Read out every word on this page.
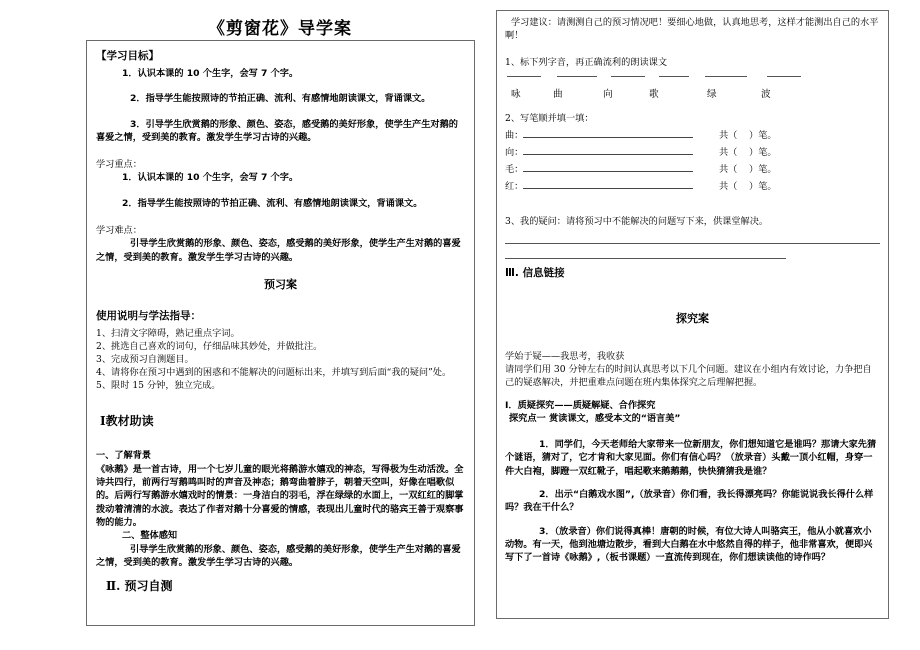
《剪窗花》导学案
【学习目标】
1．认识本课的 10 个生字，会写 7 个字。
2．指导学生能按照诗的节拍正确、流利、有感情地朗读课文，背诵课文。
3．引导学生欣赏鹅的形象、颜色、姿态，感受鹅的美好形象，使学生产生对鹅的喜爱之情，受到美的教育。激发学生学习古诗的兴趣。
学习重点：
1．认识本课的 10 个生字，会写 7 个字。
2．指导学生能按照诗的节拍正确、流利、有感情地朗读课文，背诵课文。
学习难点：
引导学生欣赏鹅的形象、颜色、姿态，感受鹅的美好形象，使学生产生对鹅的喜爱之情，受到美的教育。激发学生学习古诗的兴趣。
预习案
使用说明与学法指导：
1、扫清文字障碍，熟记重点字词。
2、挑选自己喜欢的词句，仔细品味其妙处，并做批注。
3、完成预习自测题目。
4、请将你在预习中遇到的困惑和不能解决的问题标出来，并填写到后面“我的疑问”处。
5、限时 15 分钟，独立完成。
Ⅰ教材助读
一、了解背景
《咏鹅》是一首古诗，用一个七岁儿童的眼光将鹅游水嬉戏的神态，写得极为生动活泼。全诗共四行，前两行写鹅鸣叫时的声音及神态；鹅弯曲着脖子，朝着天空叫，好像在唱歌似的。后两行写鹅游水嬉戏时的情景：一身洁白的羽毛，浮在绿绿的水面上，一双红红的脚掌拨动着清清的水波。表达了作者对鹅十分喜爱的情感，表现出儿童时代的骆宾王善于观察事物的能力。
二、整体感知
引导学生欣赏鹅的形象、颜色、姿态，感受鹅的美好形象，使学生产生对鹅的喜爱之情，受到美的教育。激发学生学习古诗的兴趣。
Ⅱ. 预习自测
学习建议：请测测自己的预习情况吧！要细心地做，认真地思考，这样才能测出自己的水平啊！
1、标下列字音，再正确流利的朗读课文
咏	曲	向	歌	绿	波
2、写笔顺并填一填：
曲：	共（    ）笔。
向：	共（    ）笔。
毛：	共（    ）笔。
红：	共（    ）笔。
3、我的疑问：请将预习中不能解决的问题写下来，供课堂解决。
Ⅲ. 信息链接
探究案
学始于疑——我思考，我收获
请同学们用 30 分钟左右的时间认真思考以下几个问题。建议在小组内有效讨论，力争把自己的疑惑解决，并把重难点问题在班内集体探究之后理解把握。
Ⅰ．质疑探究——质疑解疑、合作探究
探究点一 赏读课文，感受本文的“语言美”
1．同学们，今天老师给大家带来一位新朋友，你们想知道它是谁吗？那请大家先猜个谜语，猜对了，它才肯和大家见面。你们有信心吗？（放录音）头戴一顶小红帽，身穿一件大白袍，脚蹬一双红靴子，唱起歌来鹅鹅鹅，快快猜猜我是谁？
2．出示“白鹅戏水图”,（放录音）你们看，我长得漂亮吗？你能说说我长得什么样吗？我在干什么？
3．（放录音）你们说得真棒！唐朝的时候，有位大诗人叫骆宾王，他从小就喜欢小动物。有一天，他到池塘边散步，看到大白鹅在水中悠然自得的样子，他非常喜欢，便即兴写下了一首诗《咏鹅》,（板书课题）一直流传到现在，你们想读读他的诗作吗？
